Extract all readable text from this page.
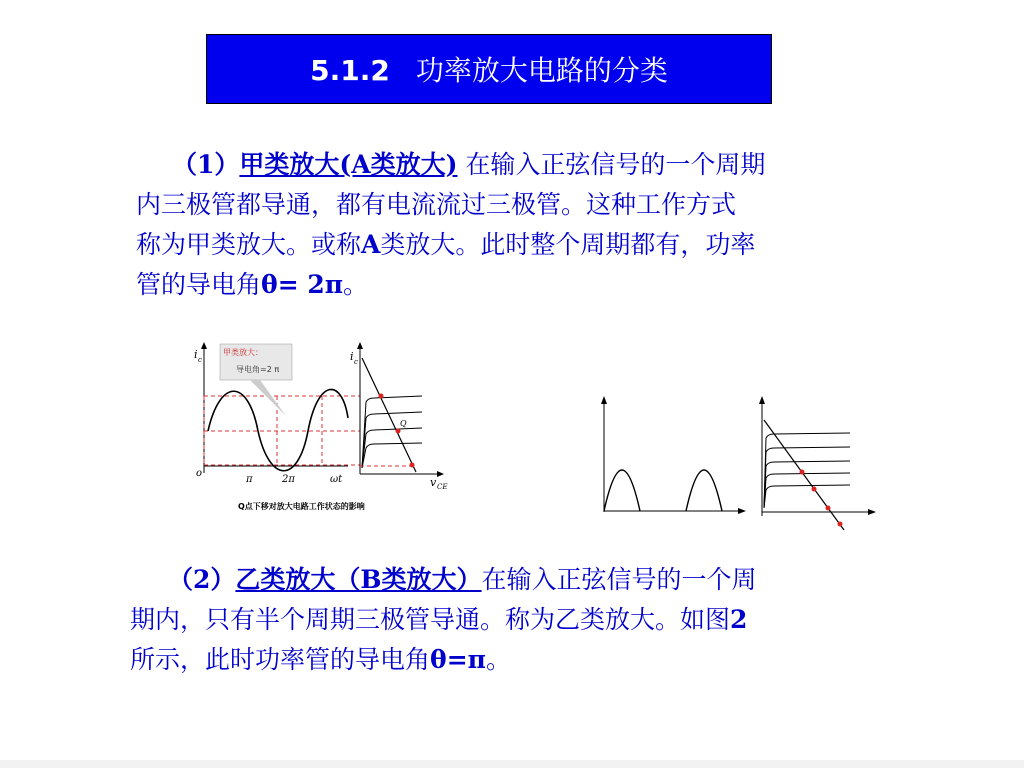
5.1.2 功率放大电路的分类
（1）甲类放大(A类放大) 在输入正弦信号的一个周期
内三极管都导通，都有电流流过三极管。这种工作方式
称为甲类放大。或称A类放大。此时整个周期都有，功率
管的导电角θ= 2π。
甲类放大：
导电角=2 π
i c
o
π	2π	ωt
Q
i c
v CE
Q点下移对放大电路工作状态的影响
（2）乙类放大（B类放大）在输入正弦信号的一个周
期内，只有半个周期三极管导通。称为乙类放大。如图2
所示，此时功率管的导电角θ=π。
